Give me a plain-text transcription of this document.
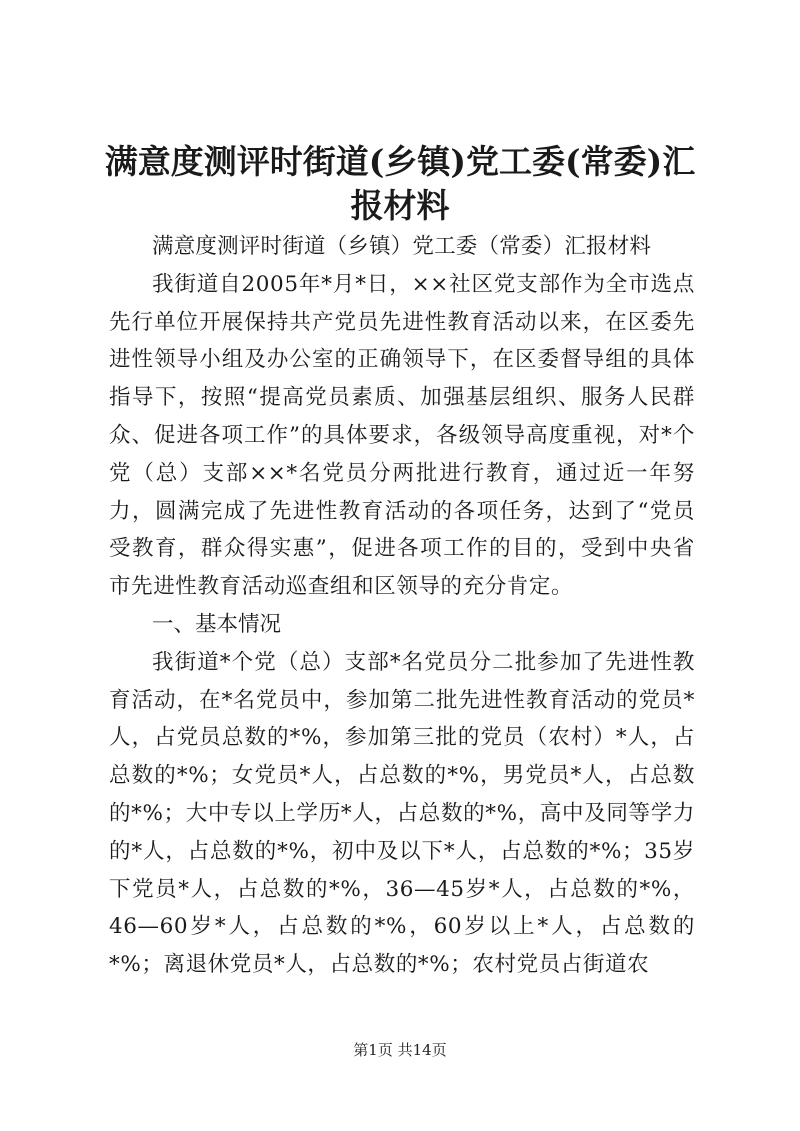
满意度测评时街道(乡镇)党工委(常委)汇报材料

满意度测评时街道（乡镇）党工委（常委）汇报材料

我街道自2005年*月*日，××社区党支部作为全市选点先行单位开展保持共产党员先进性教育活动以来，在区委先进性领导小组及办公室的正确领导下，在区委督导组的具体指导下，按照“提高党员素质、加强基层组织、服务人民群众、促进各项工作”的具体要求，各级领导高度重视，对*个党（总）支部××*名党员分两批进行教育，通过近一年努力，圆满完成了先进性教育活动的各项任务，达到了“党员受教育，群众得实惠”，促进各项工作的目的，受到中央省市先进性教育活动巡查组和区领导的充分肯定。

一、基本情况

我街道*个党（总）支部*名党员分二批参加了先进性教育活动，在*名党员中，参加第二批先进性教育活动的党员*人，占党员总数的*%，参加第三批的党员（农村）*人，占总数的*%；女党员*人，占总数的*%，男党员*人，占总数的*%；大中专以上学历*人，占总数的*%，高中及同等学力的*人，占总数的*%，初中及以下*人，占总数的*%；35岁下党员*人，占总数的*%，36—45岁*人，占总数的*%，46—60岁*人，占总数的*%，60岁以上*人，占总数的*%；离退休党员*人，占总数的*%；农村党员占街道农

第1页 共14页
